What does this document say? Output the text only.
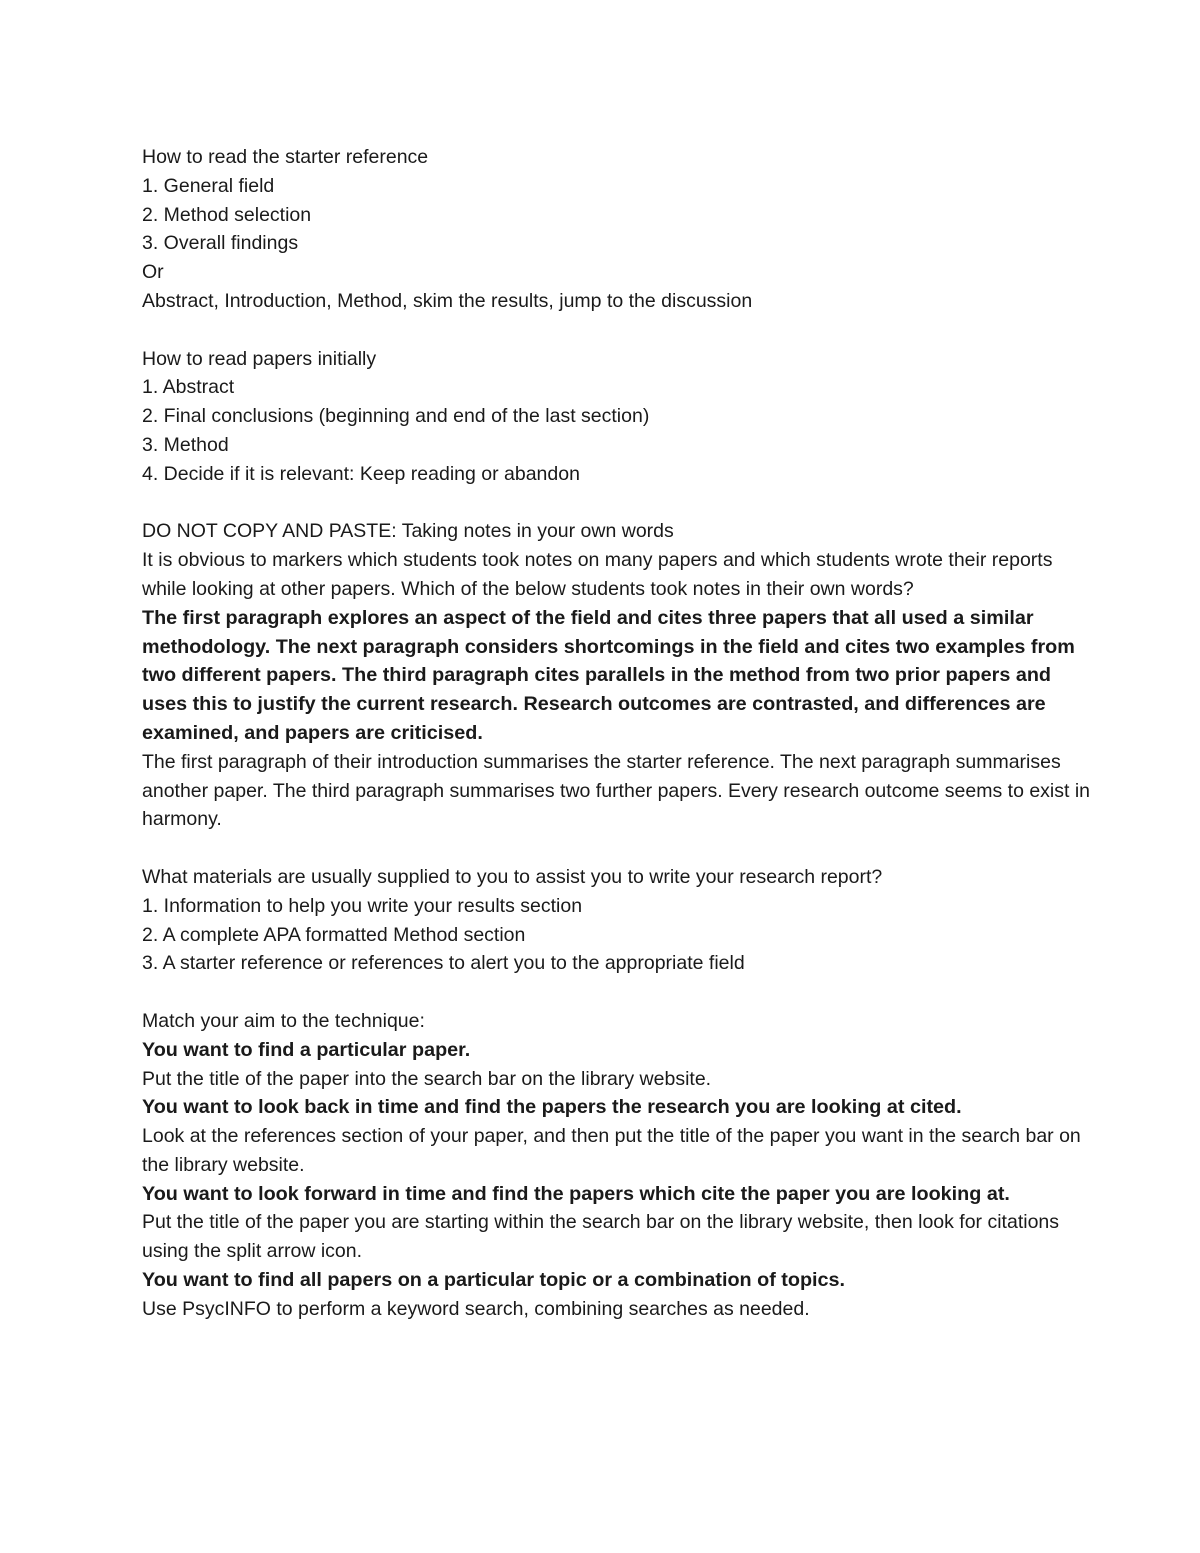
How to read the starter reference

1. General field

2. Method selection

3. Overall findings

Or

Abstract, Introduction, Method, skim the results, jump to the discussion

How to read papers initially

1. Abstract

2. Final conclusions (beginning and end of the last section)

3. Method

4. Decide if it is relevant: Keep reading or abandon

DO NOT COPY AND PASTE: Taking notes in your own words

It is obvious to markers which students took notes on many papers and which students wrote their reports while looking at other papers. Which of the below students took notes in their own words?

The first paragraph explores an aspect of the field and cites three papers that all used a similar methodology. The next paragraph considers shortcomings in the field and cites two examples from two different papers. The third paragraph cites parallels in the method from two prior papers and uses this to justify the current research. Research outcomes are contrasted, and differences are examined, and papers are criticised.

The first paragraph of their introduction summarises the starter reference. The next paragraph summarises another paper. The third paragraph summarises two further papers. Every research outcome seems to exist in harmony.

What materials are usually supplied to you to assist you to write your research report?

1. Information to help you write your results section

2. A complete APA formatted Method section

3. A starter reference or references to alert you to the appropriate field

Match your aim to the technique:

You want to find a particular paper.

Put the title of the paper into the search bar on the library website.

You want to look back in time and find the papers the research you are looking at cited.

Look at the references section of your paper, and then put the title of the paper you want in the search bar on the library website.

You want to look forward in time and find the papers which cite the paper you are looking at.

Put the title of the paper you are starting within the search bar on the library website, then look for citations using the split arrow icon.

You want to find all papers on a particular topic or a combination of topics.

Use PsycINFO to perform a keyword search, combining searches as needed.
